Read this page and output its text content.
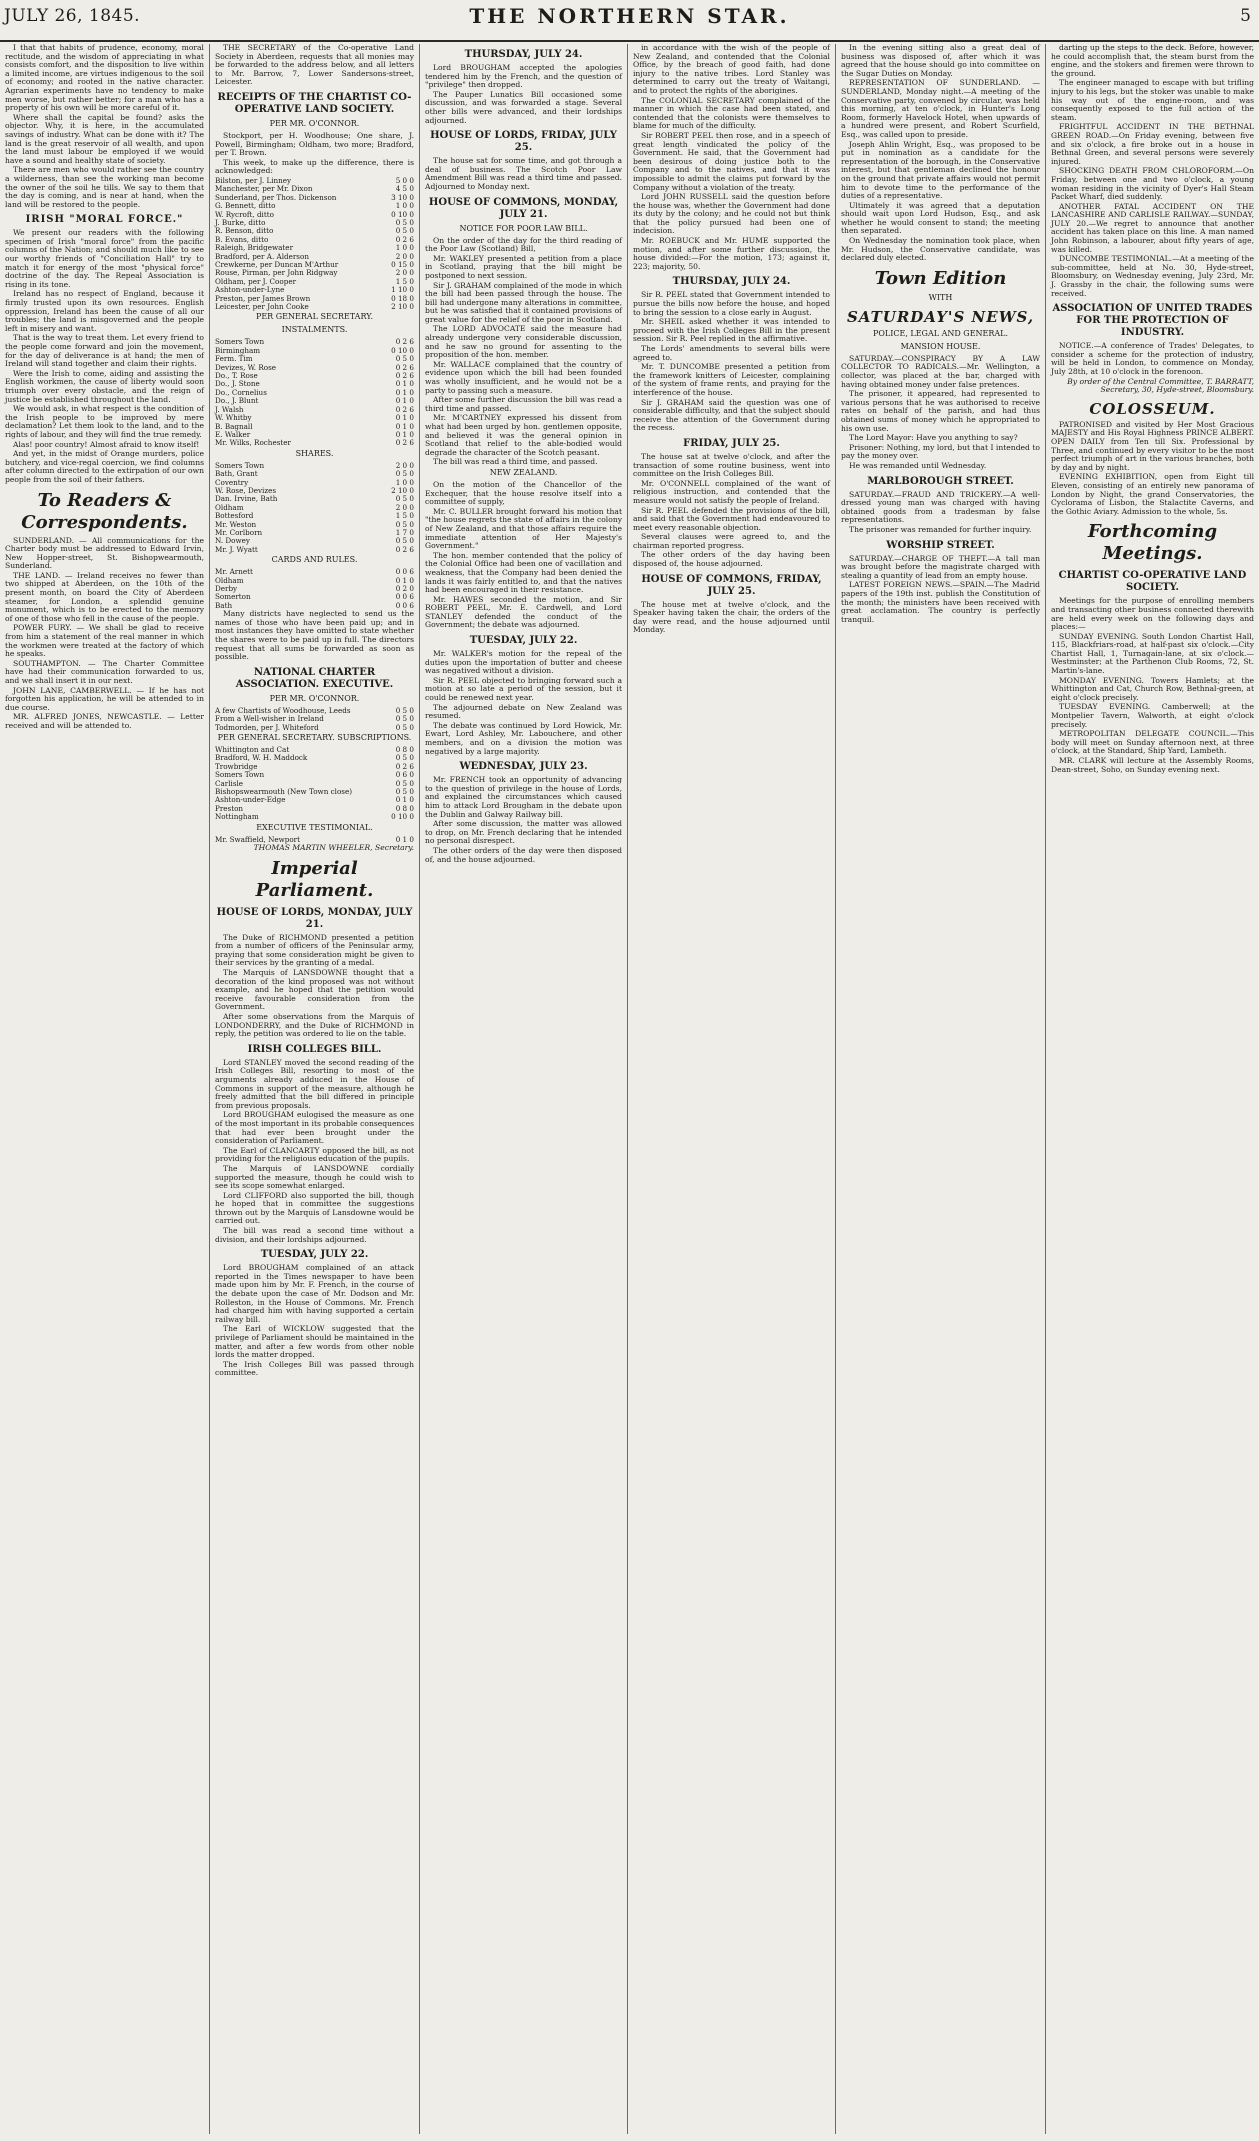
JULY 26, 1845.	THE NORTHERN STAR.	5

I that that habits of prudence, economy, moral rectitude, and the wisdom of appreciating in what consists comfort, and the disposition to live within a limited income, are virtues indigenous to the soil of economy; and rooted in the native character. Agrarian experiments have no tendency to make men worse, but rather better; for a man who has a property of his own will be more careful of it.

Where shall the capital be found? asks the objector. Why, it is here, in the accumulated savings of industry. What can be done with it? The land is the great reservoir of all wealth, and upon the land must labour be employed if we would have a sound and healthy state of society.

There are men who would rather see the country a wilderness, than see the working man become the owner of the soil he tills. We say to them that the day is coming, and is near at hand, when the land will be restored to the people.

IRISH "MORAL FORCE."

We present our readers with the following specimen of Irish "moral force" from the pacific columns of the Nation; and should much like to see our worthy friends of "Conciliation Hall" try to match it for energy of the most "physical force" doctrine of the day. The Repeal Association is rising in its tone.

Ireland has no respect of England, because it firmly trusted upon its own resources. English oppression, Ireland has been the cause of all our troubles; the land is misgoverned and the people left in misery and want.

That is the way to treat them. Let every friend to the people come forward and join the movement, for the day of deliverance is at hand; the men of Ireland will stand together and claim their rights.

Were the Irish to come, aiding and assisting the English workmen, the cause of liberty would soon triumph over every obstacle, and the reign of justice be established throughout the land.

We would ask, in what respect is the condition of the Irish people to be improved by mere declamation? Let them look to the land, and to the rights of labour, and they will find the true remedy.

Alas! poor country! Almost afraid to know itself!

And yet, in the midst of Orange murders, police butchery, and vice-regal coercion, we find columns after column directed to the extirpation of our own people from the soil of their fathers.

To Readers & Correspondents.

SUNDERLAND. — All communications for the Charter body must be addressed to Edward Irvin, New Hopper-street, St. Bishopwearmouth, Sunderland.

THE LAND. — Ireland receives no fewer than two shipped at Aberdeen, on the 10th of the present month, on board the City of Aberdeen steamer, for London, a splendid genuine monument, which is to be erected to the memory of one of those who fell in the cause of the people.

POWER FURY. — We shall be glad to receive from him a statement of the real manner in which the workmen were treated at the factory of which he speaks.

SOUTHAMPTON. — The Charter Committee have had their communication forwarded to us, and we shall insert it in our next.

JOHN LANE, CAMBERWELL. — If he has not forgotten his application, he will be attended to in due course.

MR. ALFRED JONES, NEWCASTLE. — Letter received and will be attended to.

THE SECRETARY of the Co-operative Land Society in Aberdeen, requests that all monies may be forwarded to the address below, and all letters to Mr. Barrow, 7, Lower Sandersons-street, Leicester.

RECEIPTS OF THE CHARTIST CO-OPERATIVE LAND SOCIETY.
PER MR. O'CONNOR.

Stockport, per H. Woodhouse; One share, J. Powell, Birmingham; Oldham, two more; Bradford, per T. Brown.

This week, to make up the difference, there is acknowledged:

Bilston, per J. Linney	5 0 0
Manchester, per Mr. Dixon	4 5 0
Sunderland, per Thos. Dickenson	3 10 0
G. Bennett, ditto	1 0 0
W. Rycroft, ditto	0 10 0
J. Burke, ditto	0 5 0
R. Benson, ditto	0 5 0
B. Evans, ditto	0 2 6
Raleigh, Bridgewater	1 0 0
Bradford, per A. Alderson	2 0 0
Crewkerne, per Duncan M'Arthur	0 15 0
Rouse, Pirman, per John Ridgway	2 0 0
Oldham, per J. Cooper	1 5 0
Ashton-under-Lyne	1 10 0
Preston, per James Brown	0 18 0
Leicester, per John Cooke	2 10 0
PER GENERAL SECRETARY.
INSTALMENTS.
Somers Town	0 2 6
Birmingham	0 10 0
Ferm. Tim	0 5 0
Devizes, W. Rose	0 2 6
Do., T. Rose	0 2 6
Do., J. Stone	0 1 0
Do., Cornelius	0 1 0
Do., J. Blunt	0 1 0
J. Walsh	0 2 6
W. Whitby	0 1 0
B. Bagnall	0 1 0
E. Walker	0 1 0
Mr. Wilks, Rochester	0 2 6
SHARES.
Somers Town	2 0 0
Bath, Grant	0 5 0
Coventry	1 0 0
W. Rose, Devizes	2 10 0
Dan. Irvine, Bath	0 5 0
Oldham	2 0 0
Bottesford	1 5 0
Mr. Weston	0 5 0
Mr. Corlborn	1 7 0
N. Dowey	0 5 0
Mr. J. Wyatt	0 2 6
CARDS AND RULES.
Mr. Arnett	0 0 6
Oldham	0 1 0
Derby	0 2 0
Somerton	0 0 6
Bath	0 0 6

Many districts have neglected to send us the names of those who have been paid up; and in most instances they have omitted to state whether the shares were to be paid up in full. The directors request that all sums be forwarded as soon as possible.

NATIONAL CHARTER ASSOCIATION. EXECUTIVE.
PER MR. O'CONNOR.
A few Chartists of Woodhouse, Leeds	0 5 0
From a Well-wisher in Ireland	0 5 0
Todmorden, per J. Whiteford	0 5 0
PER GENERAL SECRETARY. SUBSCRIPTIONS.
Whittington and Cat	0 8 0
Bradford, W. H. Maddock	0 5 0
Trowbridge	0 2 6
Somers Town	0 6 0
Carlisle	0 5 0
Bishopswearmouth (New Town close)	0 5 0
Ashton-under-Edge	0 1 0
Preston	0 8 0
Nottingham	0 10 0
EXECUTIVE TESTIMONIAL.
Mr. Swaffield, Newport	0 1 0

THOMAS MARTIN WHEELER, Secretary.

Imperial Parliament.
HOUSE OF LORDS, MONDAY, JULY 21.

The Duke of RICHMOND presented a petition from a number of officers of the Peninsular army, praying that some consideration might be given to their services by the granting of a medal.

The Marquis of LANSDOWNE thought that a decoration of the kind proposed was not without example, and he hoped that the petition would receive favourable consideration from the Government.

After some observations from the Marquis of LONDONDERRY, and the Duke of RICHMOND in reply, the petition was ordered to lie on the table.

IRISH COLLEGES BILL.

Lord STANLEY moved the second reading of the Irish Colleges Bill, resorting to most of the arguments already adduced in the House of Commons in support of the measure, although he freely admitted that the bill differed in principle from previous proposals.

Lord BROUGHAM eulogised the measure as one of the most important in its probable consequences that had ever been brought under the consideration of Parliament.

The Earl of CLANCARTY opposed the bill, as not providing for the religious education of the pupils.

The Marquis of LANSDOWNE cordially supported the measure, though he could wish to see its scope somewhat enlarged.

Lord CLIFFORD also supported the bill, though he hoped that in committee the suggestions thrown out by the Marquis of Lansdowne would be carried out.

The bill was read a second time without a division, and their lordships adjourned.

TUESDAY, JULY 22.

Lord BROUGHAM complained of an attack reported in the Times newspaper to have been made upon him by Mr. F. French, in the course of the debate upon the case of Mr. Dodson and Mr. Rolleston, in the House of Commons. Mr. French had charged him with having supported a certain railway bill.

The Earl of WICKLOW suggested that the privilege of Parliament should be maintained in the matter, and after a few words from other noble lords the matter dropped.

The Irish Colleges Bill was passed through committee.

THURSDAY, JULY 24.

Lord BROUGHAM accepted the apologies tendered him by the French, and the question of "privilege" then dropped.

The Pauper Lunatics Bill occasioned some discussion, and was forwarded a stage. Several other bills were advanced, and their lordships adjourned.

HOUSE OF LORDS, FRIDAY, JULY 25.

The house sat for some time, and got through a deal of business. The Scotch Poor Law Amendment Bill was read a third time and passed. Adjourned to Monday next.

HOUSE OF COMMONS, MONDAY, JULY 21.
NOTICE FOR POOR LAW BILL.

On the order of the day for the third reading of the Poor Law (Scotland) Bill,

Mr. WAKLEY presented a petition from a place in Scotland, praying that the bill might be postponed to next session.

Sir J. GRAHAM complained of the mode in which the bill had been passed through the house. The bill had undergone many alterations in committee, but he was satisfied that it contained provisions of great value for the relief of the poor in Scotland.

The LORD ADVOCATE said the measure had already undergone very considerable discussion, and he saw no ground for assenting to the proposition of the hon. member.

Mr. WALLACE complained that the country of evidence upon which the bill had been founded was wholly insufficient, and he would not be a party to passing such a measure.

After some further discussion the bill was read a third time and passed.

Mr. M'CARTNEY expressed his dissent from what had been urged by hon. gentlemen opposite, and believed it was the general opinion in Scotland that relief to the able-bodied would degrade the character of the Scotch peasant.

The bill was read a third time, and passed.

NEW ZEALAND.

On the motion of the Chancellor of the Exchequer, that the house resolve itself into a committee of supply,

Mr. C. BULLER brought forward his motion that "the house regrets the state of affairs in the colony of New Zealand, and that those affairs require the immediate attention of Her Majesty's Government."

The hon. member contended that the policy of the Colonial Office had been one of vacillation and weakness, that the Company had been denied the lands it was fairly entitled to, and that the natives had been encouraged in their resistance.

Mr. HAWES seconded the motion, and Sir ROBERT PEEL, Mr. E. Cardwell, and Lord STANLEY defended the conduct of the Government; the debate was adjourned.

TUESDAY, JULY 22.

Mr. WALKER's motion for the repeal of the duties upon the importation of butter and cheese was negatived without a division.

Sir R. PEEL objected to bringing forward such a motion at so late a period of the session, but it could be renewed next year.

The adjourned debate on New Zealand was resumed.

The debate was continued by Lord Howick, Mr. Ewart, Lord Ashley, Mr. Labouchere, and other members, and on a division the motion was negatived by a large majority.

WEDNESDAY, JULY 23.

Mr. FRENCH took an opportunity of advancing to the question of privilege in the house of Lords, and explained the circumstances which caused him to attack Lord Brougham in the debate upon the Dublin and Galway Railway bill.

After some discussion, the matter was allowed to drop, on Mr. French declaring that he intended no personal disrespect.

The other orders of the day were then disposed of, and the house adjourned.

in accordance with the wish of the people of New Zealand, and contended that the Colonial Office, by the breach of good faith, had done injury to the native tribes. Lord Stanley was determined to carry out the treaty of Waitangi, and to protect the rights of the aborigines.

The COLONIAL SECRETARY complained of the manner in which the case had been stated, and contended that the colonists were themselves to blame for much of the difficulty.

Sir ROBERT PEEL then rose, and in a speech of great length vindicated the policy of the Government. He said, that the Government had been desirous of doing justice both to the Company and to the natives, and that it was impossible to admit the claims put forward by the Company without a violation of the treaty.

Lord JOHN RUSSELL said the question before the house was, whether the Government had done its duty by the colony; and he could not but think that the policy pursued had been one of indecision.

Mr. ROEBUCK and Mr. HUME supported the motion, and after some further discussion, the house divided:—For the motion, 173; against it, 223; majority, 50.

THURSDAY, JULY 24.

Sir R. PEEL stated that Government intended to pursue the bills now before the house, and hoped to bring the session to a close early in August.

Mr. SHEIL asked whether it was intended to proceed with the Irish Colleges Bill in the present session. Sir R. Peel replied in the affirmative.

The Lords' amendments to several bills were agreed to.

Mr. T. DUNCOMBE presented a petition from the framework knitters of Leicester, complaining of the system of frame rents, and praying for the interference of the house.

Sir J. GRAHAM said the question was one of considerable difficulty, and that the subject should receive the attention of the Government during the recess.

FRIDAY, JULY 25.

The house sat at twelve o'clock, and after the transaction of some routine business, went into committee on the Irish Colleges Bill.

Mr. O'CONNELL complained of the want of religious instruction, and contended that the measure would not satisfy the people of Ireland.

Sir R. PEEL defended the provisions of the bill, and said that the Government had endeavoured to meet every reasonable objection.

Several clauses were agreed to, and the chairman reported progress.

The other orders of the day having been disposed of, the house adjourned.

HOUSE OF COMMONS, FRIDAY, JULY 25.

The house met at twelve o'clock, and the Speaker having taken the chair, the orders of the day were read, and the house adjourned until Monday.

In the evening sitting also a great deal of business was disposed of, after which it was agreed that the house should go into committee on the Sugar Duties on Monday.

REPRESENTATION OF SUNDERLAND. — SUNDERLAND, Monday night.—A meeting of the Conservative party, convened by circular, was held this morning, at ten o'clock, in Hunter's Long Room, formerly Havelock Hotel, when upwards of a hundred were present, and Robert Scurfield, Esq., was called upon to preside.

Joseph Ahlin Wright, Esq., was proposed to be put in nomination as a candidate for the representation of the borough, in the Conservative interest, but that gentleman declined the honour on the ground that private affairs would not permit him to devote time to the performance of the duties of a representative.

Ultimately it was agreed that a deputation should wait upon Lord Hudson, Esq., and ask whether he would consent to stand; the meeting then separated.

On Wednesday the nomination took place, when Mr. Hudson, the Conservative candidate, was declared duly elected.

Town Edition
WITH
SATURDAY'S NEWS,
POLICE, LEGAL AND GENERAL.
MANSION HOUSE.

SATURDAY.—CONSPIRACY BY A LAW COLLECTOR TO RADICALS.—Mr. Wellington, a collector, was placed at the bar, charged with having obtained money under false pretences.

The prisoner, it appeared, had represented to various persons that he was authorised to receive rates on behalf of the parish, and had thus obtained sums of money which he appropriated to his own use.

The Lord Mayor: Have you anything to say?

Prisoner: Nothing, my lord, but that I intended to pay the money over.

He was remanded until Wednesday.

MARLBOROUGH STREET.

SATURDAY.—FRAUD AND TRICKERY.—A well-dressed young man was charged with having obtained goods from a tradesman by false representations.

The prisoner was remanded for further inquiry.

WORSHIP STREET.

SATURDAY.—CHARGE OF THEFT.—A tall man was brought before the magistrate charged with stealing a quantity of lead from an empty house.

LATEST FOREIGN NEWS.—SPAIN.—The Madrid papers of the 19th inst. publish the Constitution of the month; the ministers have been received with great acclamation. The country is perfectly tranquil.

darting up the steps to the deck. Before, however, he could accomplish that, the steam burst from the engine, and the stokers and firemen were thrown to the ground.

The engineer managed to escape with but trifling injury to his legs, but the stoker was unable to make his way out of the engine-room, and was consequently exposed to the full action of the steam.

FRIGHTFUL ACCIDENT IN THE BETHNAL GREEN ROAD.—On Friday evening, between five and six o'clock, a fire broke out in a house in Bethnal Green, and several persons were severely injured.

SHOCKING DEATH FROM CHLOROFORM.—On Friday, between one and two o'clock, a young woman residing in the vicinity of Dyer's Hall Steam Packet Wharf, died suddenly.

ANOTHER FATAL ACCIDENT ON THE LANCASHIRE AND CARLISLE RAILWAY.—SUNDAY, JULY 20.—We regret to announce that another accident has taken place on this line. A man named John Robinson, a labourer, about fifty years of age, was killed.

DUNCOMBE TESTIMONIAL.—At a meeting of the sub-committee, held at No. 30, Hyde-street, Bloomsbury, on Wednesday evening, July 23rd, Mr. J. Grassby in the chair, the following sums were received.

ASSOCIATION OF UNITED TRADES FOR THE PROTECTION OF INDUSTRY.

NOTICE.—A conference of Trades' Delegates, to consider a scheme for the protection of industry, will be held in London, to commence on Monday, July 28th, at 10 o'clock in the forenoon.

By order of the Central Committee, T. BARRATT, Secretary, 30, Hyde-street, Bloomsbury.

COLOSSEUM.

PATRONISED and visited by Her Most Gracious MAJESTY and His Royal Highness PRINCE ALBERT. OPEN DAILY from Ten till Six. Professional by Three, and continued by every visitor to be the most perfect triumph of art in the various branches, both by day and by night.

EVENING EXHIBITION, open from Eight till Eleven, consisting of an entirely new panorama of London by Night, the grand Conservatories, the Cyclorama of Lisbon, the Stalactite Caverns, and the Gothic Aviary. Admission to the whole, 5s.

Forthcoming Meetings.
CHARTIST CO-OPERATIVE LAND SOCIETY.

Meetings for the purpose of enrolling members and transacting other business connected therewith are held every week on the following days and places:—

SUNDAY EVENING. South London Chartist Hall, 115, Blackfriars-road, at half-past six o'clock.—City Chartist Hall, 1, Turnagain-lane, at six o'clock.—Westminster; at the Parthenon Club Rooms, 72, St. Martin's-lane.

MONDAY EVENING. Towers Hamlets; at the Whittington and Cat, Church Row, Bethnal-green, at eight o'clock precisely.

TUESDAY EVENING. Camberwell; at the Montpelier Tavern, Walworth, at eight o'clock precisely.

METROPOLITAN DELEGATE COUNCIL.—This body will meet on Sunday afternoon next, at three o'clock, at the Standard, Ship Yard, Lambeth.

MR. CLARK will lecture at the Assembly Rooms, Dean-street, Soho, on Sunday evening next.
